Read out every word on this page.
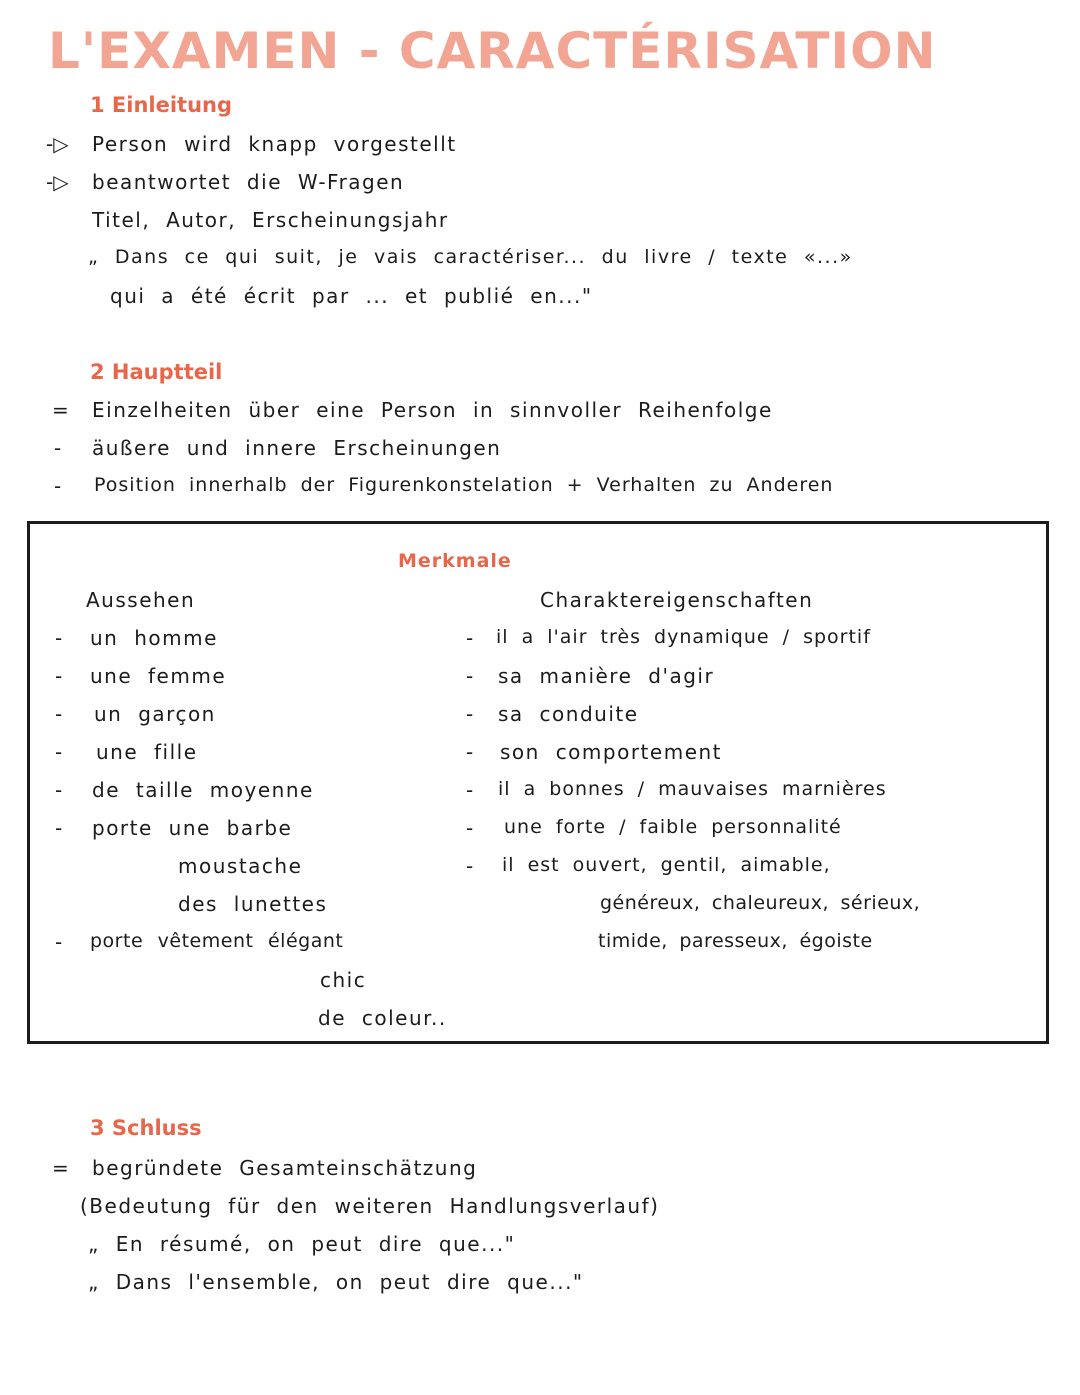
L'EXAMEN - CARACTÉRISATION
1 Einleitung
-▷ Person wird knapp vorgestellt
-▷ beantwortet die W-Fragen
Titel, Autor, Erscheinungsjahr
„ Dans ce qui suit, je vais caractériser... du livre / texte «...»
qui a été écrit par ... et publié en..."
2 Hauptteil
= Einzelheiten über eine Person in sinnvoller Reihenfolge
- äußere und innere Erscheinungen
- Position innerhalb der Figurenkonstelation + Verhalten zu Anderen
Merkmale
Aussehen	Charaktereigenschaften
- un homme
- une femme
- un garçon
- une fille
- de taille moyenne
- porte une barbe
moustache
des lunettes
- porte vêtement élégant
chic
de coleur..
- il a l'air très dynamique / sportif
- sa manière d'agir
- sa conduite
- son comportement
- il a bonnes / mauvaises marnières
- une forte / faible personnalité
- il est ouvert, gentil, aimable,
généreux, chaleureux, sérieux,
timide, paresseux, égoiste
3 Schluss
= begründete Gesamteinschätzung
(Bedeutung für den weiteren Handlungsverlauf)
„ En résumé, on peut dire que..."
„ Dans l'ensemble, on peut dire que..."
